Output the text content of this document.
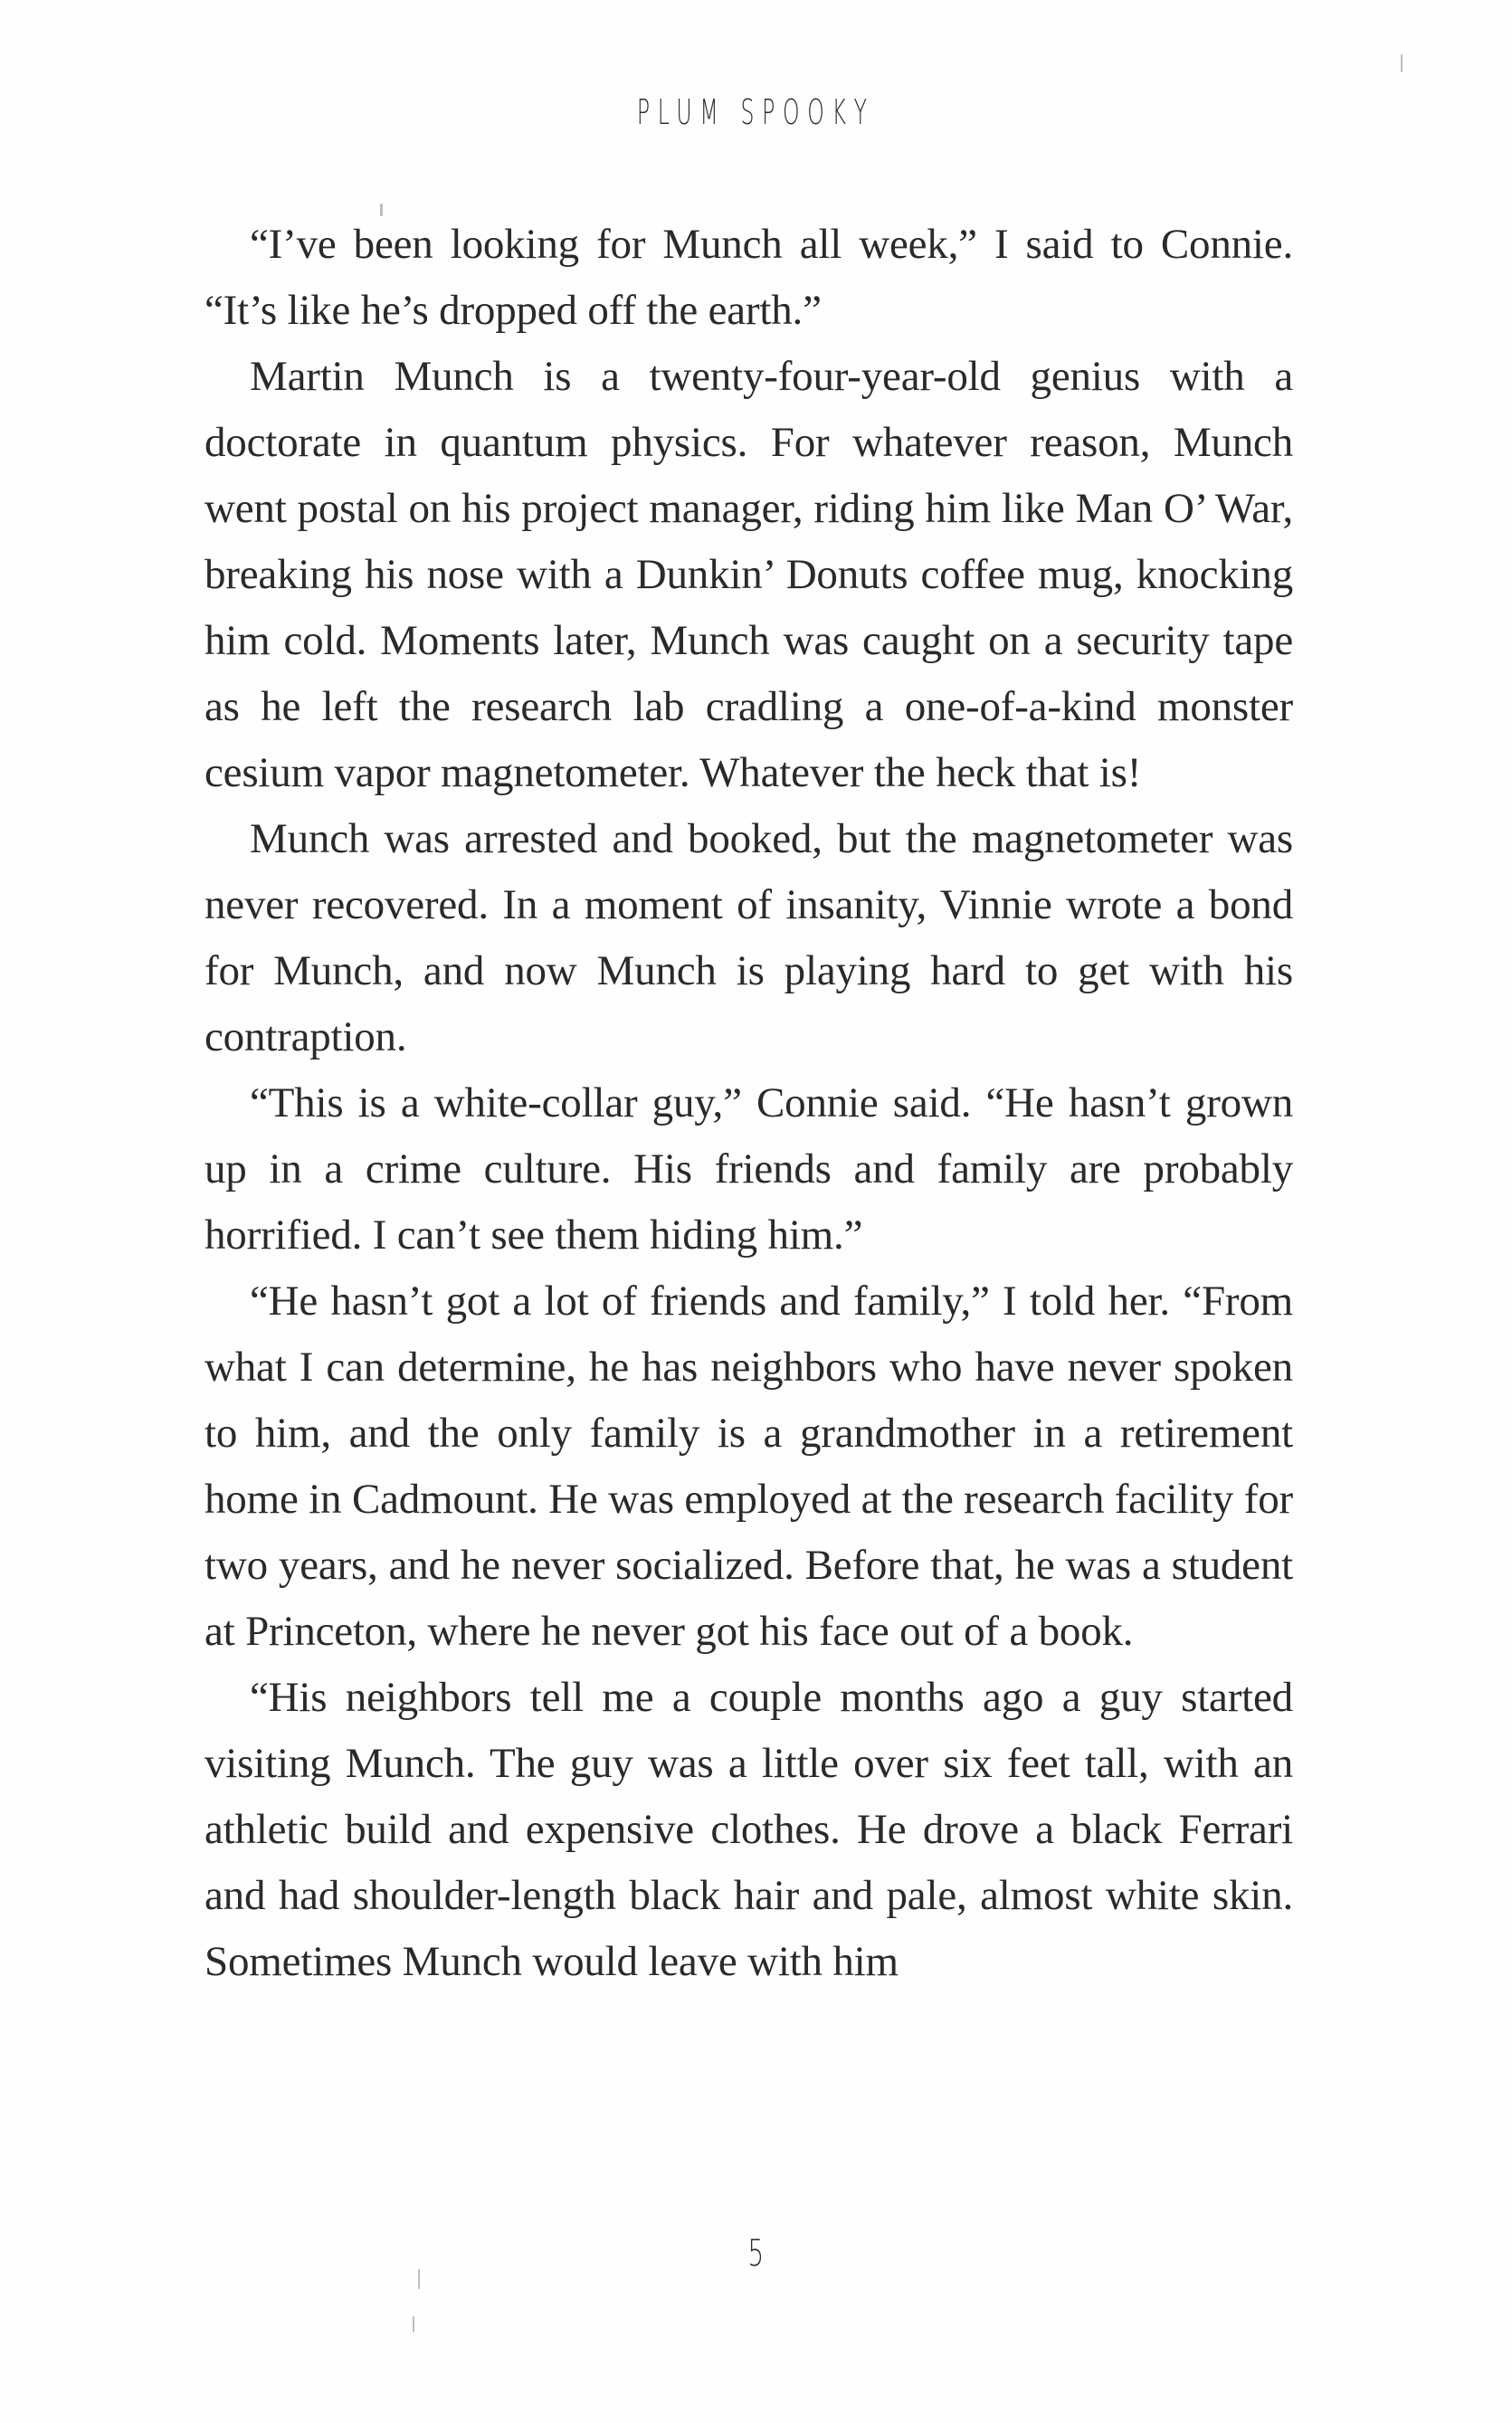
PLUM SPOOKY

“I’ve been looking for Munch all week,” I said to Connie. “It’s like he’s dropped off the earth.”

Martin Munch is a twenty-four-year-old genius with a doctorate in quantum physics. For whatever reason, Munch went postal on his project manager, riding him like Man O’ War, breaking his nose with a Dunkin’ Donuts coffee mug, knocking him cold. Moments later, Munch was caught on a security tape as he left the research lab cradling a one-of-a-kind monster cesium vapor magnetometer. Whatever the heck that is!

Munch was arrested and booked, but the magnetometer was never recovered. In a moment of insanity, Vinnie wrote a bond for Munch, and now Munch is playing hard to get with his contraption.

“This is a white-collar guy,” Connie said. “He hasn’t grown up in a crime culture. His friends and family are probably horrified. I can’t see them hiding him.”

“He hasn’t got a lot of friends and family,” I told her. “From what I can determine, he has neighbors who have never spoken to him, and the only family is a grandmother in a retirement home in Cadmount. He was employed at the research facility for two years, and he never socialized. Before that, he was a student at Princeton, where he never got his face out of a book.

“His neighbors tell me a couple months ago a guy started visiting Munch. The guy was a little over six feet tall, with an athletic build and expensive clothes. He drove a black Ferrari and had shoulder-length black hair and pale, almost white skin. Sometimes Munch would leave with him

5
